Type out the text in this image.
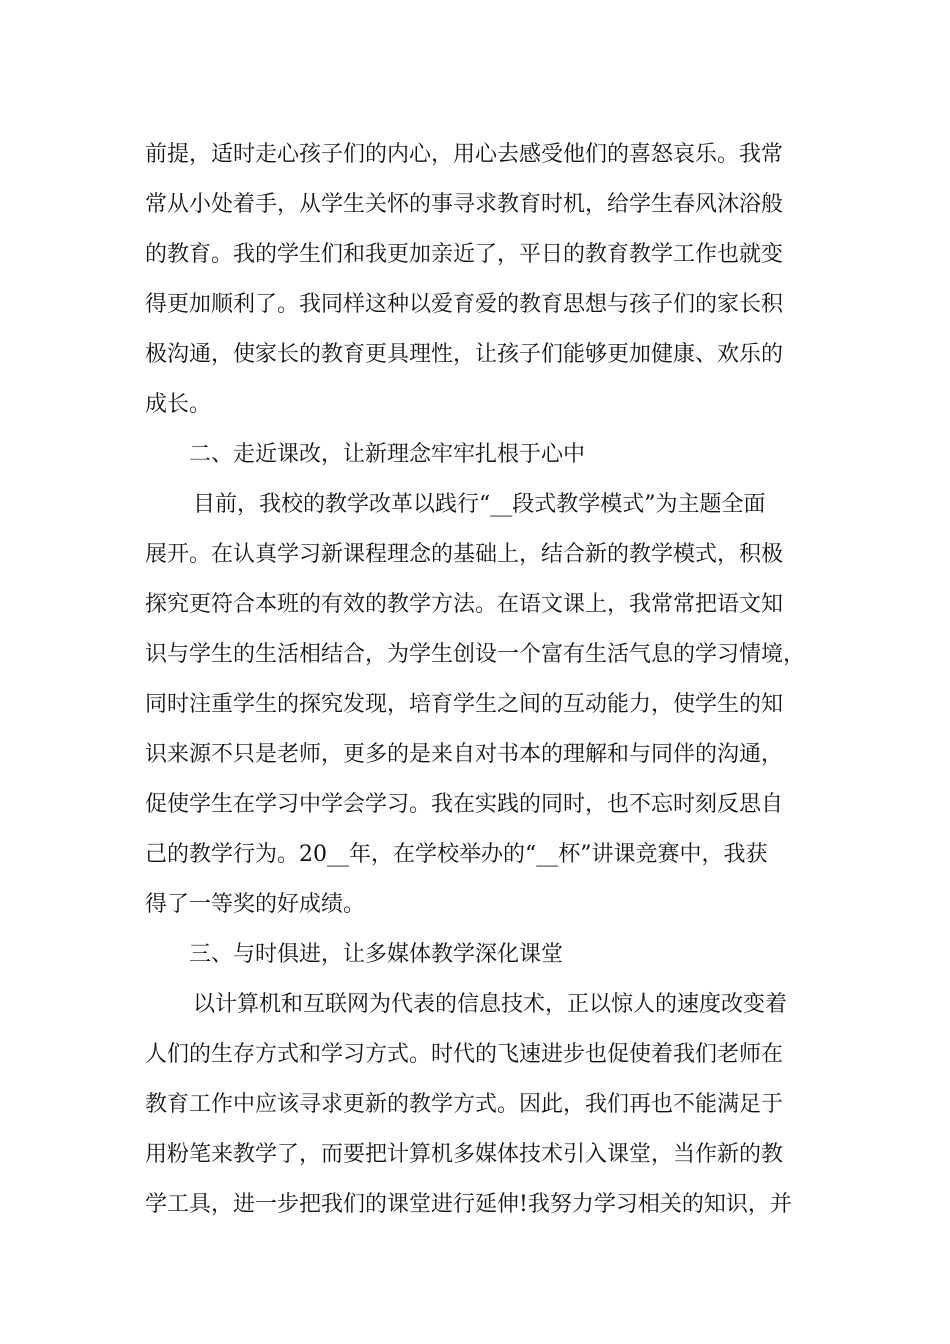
前提，适时走心孩子们的内心，用心去感受他们的喜怒哀乐。我常
常从小处着手，从学生关怀的事寻求教育时机，给学生春风沐浴般
的教育。我的学生们和我更加亲近了，平日的教育教学工作也就变
得更加顺利了。我同样这种以爱育爱的教育思想与孩子们的家长积
极沟通，使家长的教育更具理性，让孩子们能够更加健康、欢乐的
成长。
二、走近课改，让新理念牢牢扎根于心中
目前，我校的教学改革以践行“__段式教学模式”为主题全面
展开。在认真学习新课程理念的基础上，结合新的教学模式，积极
探究更符合本班的有效的教学方法。在语文课上，我常常把语文知
识与学生的生活相结合，为学生创设一个富有生活气息的学习情境，
同时注重学生的探究发现，培育学生之间的互动能力，使学生的知
识来源不只是老师，更多的是来自对书本的理解和与同伴的沟通，
促使学生在学习中学会学习。我在实践的同时，也不忘时刻反思自
己的教学行为。20__年，在学校举办的“__杯”讲课竞赛中，我获
得了一等奖的好成绩。
三、与时俱进，让多媒体教学深化课堂
以计算机和互联网为代表的信息技术，正以惊人的速度改变着
人们的生存方式和学习方式。时代的飞速进步也促使着我们老师在
教育工作中应该寻求更新的教学方式。因此，我们再也不能满足于
用粉笔来教学了，而要把计算机多媒体技术引入课堂，当作新的教
学工具，进一步把我们的课堂进行延伸!我努力学习相关的知识，并
